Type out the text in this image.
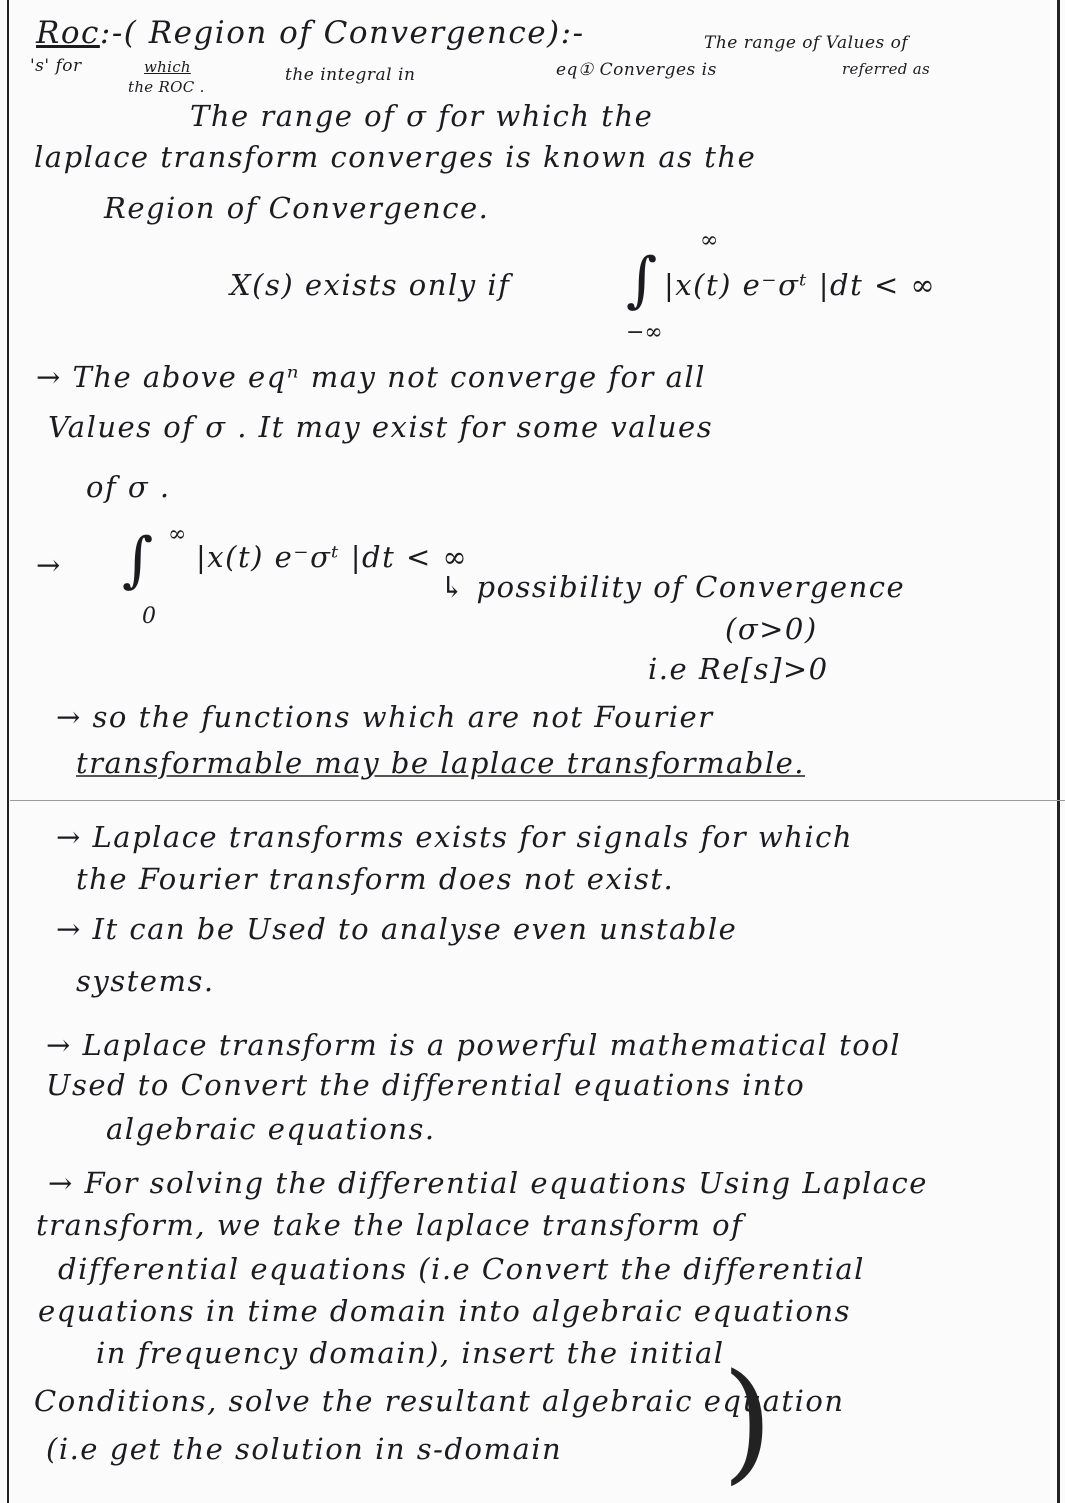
Roc:-( Region of Convergence):-	The range of Values of
's' for	which
the ROC .
the integral in	eq① Converges is	referred as
The range of σ for which the
laplace transform converges is known as the
Region of Convergence.
X(s) exists only if ∫
∞
−∞
|x(t) e⁻σᵗ |dt < ∞
→ The above eqⁿ may not converge for all
Values of σ . It may exist for some values
of σ .
→ ∫ ∞
0
|x(t) e⁻σᵗ |dt < ∞
↳ possibility of Convergence
(σ>0)
i.e Re[s]>0
→ so the functions which are not Fourier
transformable may be laplace transformable.
→ Laplace transforms exists for signals for which
the Fourier transform does not exist.
→ It can be Used to analyse even unstable
systems.
→ Laplace transform is a powerful mathematical tool
Used to Convert the differential equations into
algebraic equations.
→ For solving the differential equations Using Laplace
transform, we take the laplace transform of
differential equations (i.e Convert the differential
equations in time domain into algebraic equations
in frequency domain), insert the initial
Conditions, solve the resultant algebraic equation
(i.e get the solution in s-domain )
